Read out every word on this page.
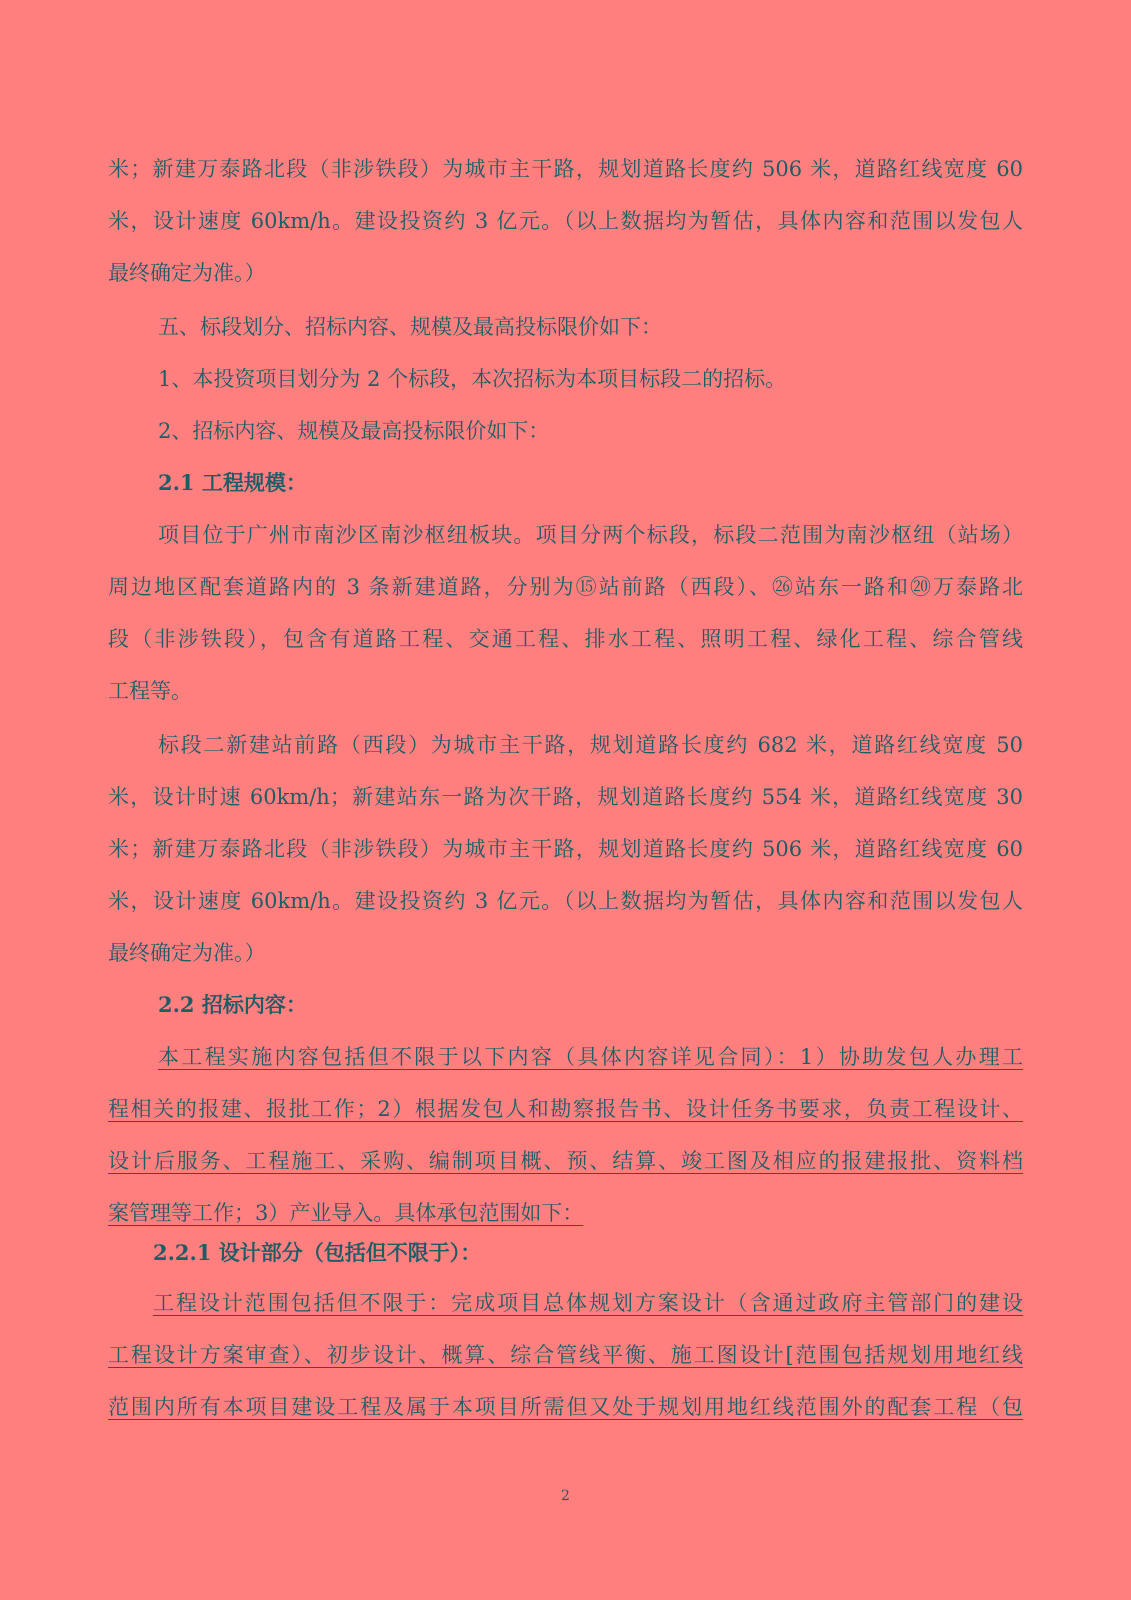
米；新建万泰路北段（非涉铁段）为城市主干路，规划道路长度约 506 米，道路红线宽度 60
米，设计速度 60km/h。建设投资约 3 亿元。（以上数据均为暂估，具体内容和范围以发包人
最终确定为准。）
五、标段划分、招标内容、规模及最高投标限价如下：
1、本投资项目划分为 2 个标段，本次招标为本项目标段二的招标。
2、招标内容、规模及最高投标限价如下：
2.1 工程规模：
项目位于广州市南沙区南沙枢纽板块。项目分两个标段，标段二范围为南沙枢纽（站场）
周边地区配套道路内的 3 条新建道路，分别为⑮站前路（西段）、㉖站东一路和⑳万泰路北
段（非涉铁段），包含有道路工程、交通工程、排水工程、照明工程、绿化工程、综合管线
工程等。
标段二新建站前路（西段）为城市主干路，规划道路长度约 682 米，道路红线宽度 50
米，设计时速 60km/h；新建站东一路为次干路，规划道路长度约 554 米，道路红线宽度 30
米；新建万泰路北段（非涉铁段）为城市主干路，规划道路长度约 506 米，道路红线宽度 60
米，设计速度 60km/h。建设投资约 3 亿元。（以上数据均为暂估，具体内容和范围以发包人
最终确定为准。）
2.2 招标内容：
本工程实施内容包括但不限于以下内容（具体内容详见合同）：1）协助发包人办理工
程相关的报建、报批工作；2）根据发包人和勘察报告书、设计任务书要求，负责工程设计、
设计后服务、工程施工、采购、编制项目概、预、结算、竣工图及相应的报建报批、资料档
案管理等工作；3）产业导入。具体承包范围如下：
2.2.1 设计部分（包括但不限于）：
工程设计范围包括但不限于：完成项目总体规划方案设计（含通过政府主管部门的建设
工程设计方案审查）、初步设计、概算、综合管线平衡、施工图设计[范围包括规划用地红线
范围内所有本项目建设工程及属于本项目所需但又处于规划用地红线范围外的配套工程（包
2
